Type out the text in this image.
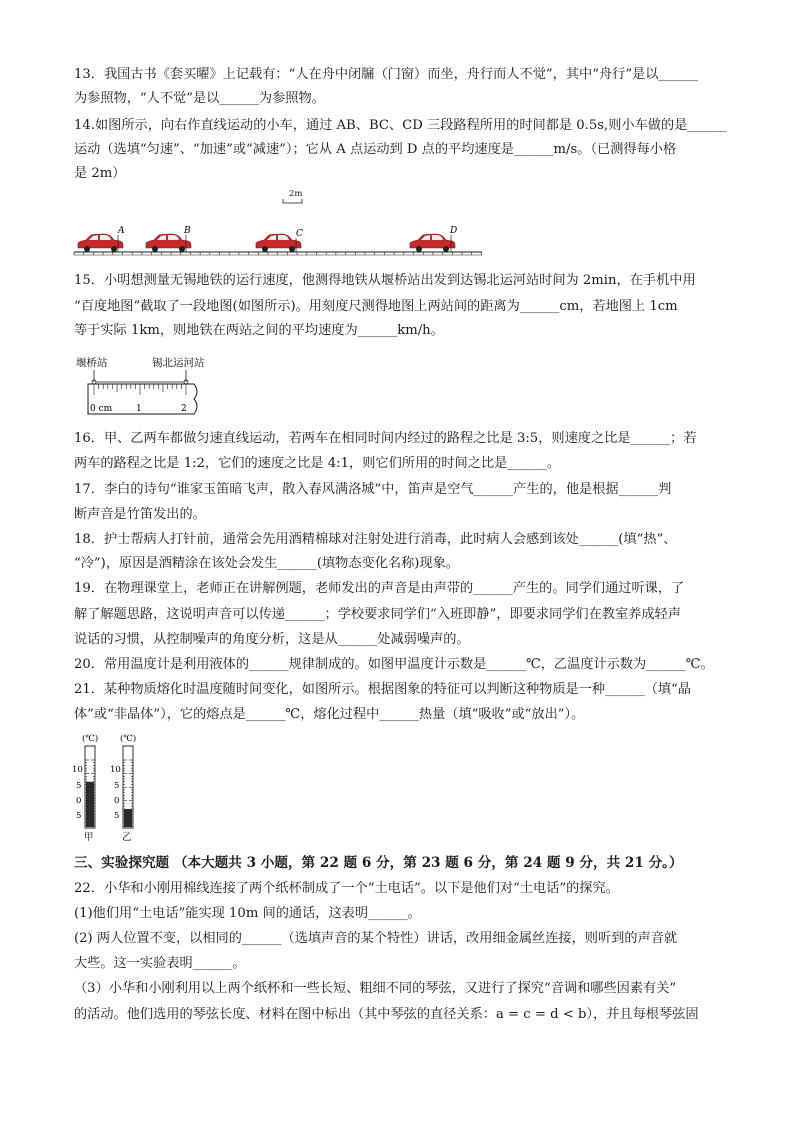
13．我国古书《套买曜》上记载有：“人在舟中闭牖（门窗）而坐，舟行而人不觉”，其中“舟行”是以______
为参照物，“人不觉”是以______为参照物。
14.如图所示，向右作直线运动的小车，通过 AB、BC、CD 三段路程所用的时间都是 0.5s,则小车做的是______
运动（选填“匀速”、“加速”或“减速”）；它从 A 点运动到 D 点的平均速度是______m/s。（已测得每小格
是 2m）
2m
A	B	C	D
15．小明想测量无锡地铁的运行速度，他测得地铁从堰桥站出发到达锡北运河站时间为 2min，在手机中用
“百度地图”截取了一段地图(如图所示)。用刻度尺测得地图上两站间的距离为______cm，若地图上 1cm
等于实际 1km，则地铁在两站之间的平均速度为______km/h。
堰桥站	锡北运河站
0 cm	1	2
16．甲、乙两车都做匀速直线运动，若两车在相同时间内经过的路程之比是 3:5，则速度之比是______；若
两车的路程之比是 1:2，它们的速度之比是 4:1，则它们所用的时间之比是______。
17．李白的诗句“谁家玉笛暗飞声，散入春风满洛城”中，笛声是空气______产生的，他是根据______判
断声音是竹笛发出的。
18．护士帮病人打针前，通常会先用酒精棉球对注射处进行消毒，此时病人会感到该处______(填“热”、
“冷”)，原因是酒精涂在该处会发生______(填物态变化名称)现象。
19．在物理课堂上，老师正在讲解例题，老师发出的声音是由声带的______产生的。同学们通过听课，了
解了解题思路，这说明声音可以传递______；学校要求同学们“入班即静”，即要求同学们在教室养成轻声
说话的习惯，从控制噪声的角度分析，这是从______处减弱噪声的。
20．常用温度计是利用液体的______规律制成的。如图甲温度计示数是______℃，乙温度计示数为______℃。
21．某种物质熔化时温度随时间变化，如图所示。根据图象的特征可以判断这种物质是一种______（填“晶
体”或“非晶体”），它的熔点是______℃，熔化过程中______热量（填“吸收”或“放出”）。
(℃)	(℃)
10
5
0
5
10
5
0
5
甲	乙
三、实验探究题 （本大题共 3 小题，第 22 题 6 分，第 23 题 6 分，第 24 题 9 分，共 21 分。）
22．小华和小刚用棉线连接了两个纸杯制成了一个“土电话”。以下是他们对“土电话”的探究。
(1)他们用“土电话”能实现 10m 间的通话，这表明______。
(2) 两人位置不变，以相同的______（选填声音的某个特性）讲话，改用细金属丝连接，则听到的声音就
大些。这一实验表明______。
（3）小华和小刚利用以上两个纸杯和一些长短、粗细不同的琴弦，又进行了探究“音调和哪些因素有关”
的活动。他们选用的琴弦长度、材料在图中标出（其中琴弦的直径关系：a = c = d < b），并且每根琴弦固
